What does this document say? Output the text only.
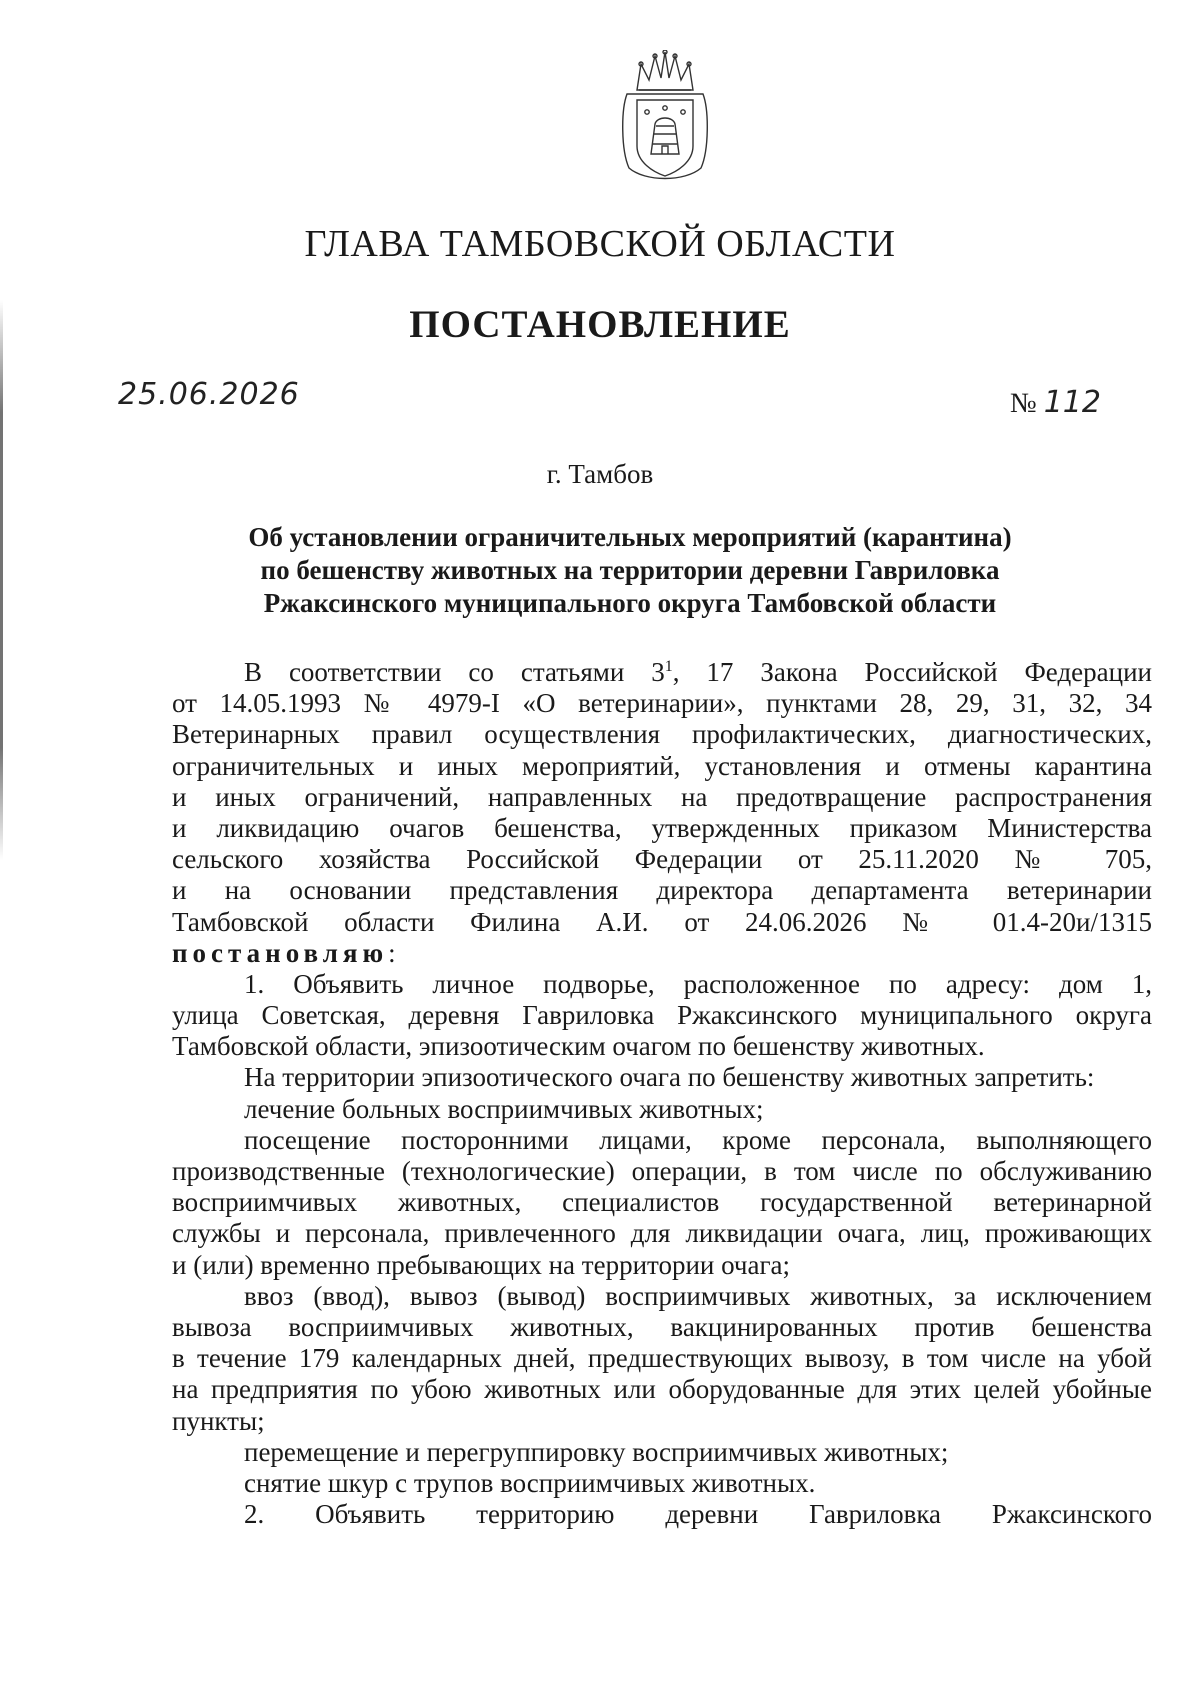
ГЛАВА ТАМБОВСКОЙ ОБЛАСТИ
ПОСТАНОВЛЕНИЕ
25.06.2026	№ 112
г. Тамбов
Об установлении ограничительных мероприятий (карантина)
по бешенству животных на территории деревни Гавриловка
Ржаксинского муниципального округа Тамбовской области
В соответствии со статьями $3^1$, 17 Закона Российской Федерации
от 14.05.1993 № 4979-I «О ветеринарии», пунктами 28, 29, 31, 32, 34
Ветеринарных правил осуществления профилактических, диагностических,
ограничительных и иных мероприятий, установления и отмены карантина
и иных ограничений, направленных на предотвращение распространения
и ликвидацию очагов бешенства, утвержденных приказом Министерства
сельского хозяйства Российской Федерации от 25.11.2020 № 705,
и на основании представления директора департамента ветеринарии
Тамбовской области Филина А.И. от 24.06.2026 № 01.4-20и/1315
постановляю:
1. Объявить личное подворье, расположенное по адресу: дом 1,
улица Советская, деревня Гавриловка Ржаксинского муниципального округа
Тамбовской области, эпизоотическим очагом по бешенству животных.
На территории эпизоотического очага по бешенству животных запретить:
лечение больных восприимчивых животных;
посещение посторонними лицами, кроме персонала, выполняющего
производственные (технологические) операции, в том числе по обслуживанию
восприимчивых животных, специалистов государственной ветеринарной
службы и персонала, привлеченного для ликвидации очага, лиц, проживающих
и (или) временно пребывающих на территории очага;
ввоз (ввод), вывоз (вывод) восприимчивых животных, за исключением
вывоза восприимчивых животных, вакцинированных против бешенства
в течение 179 календарных дней, предшествующих вывозу, в том числе на убой
на предприятия по убою животных или оборудованные для этих целей убойные
пункты;
перемещение и перегруппировку восприимчивых животных;
снятие шкур с трупов восприимчивых животных.
2. Объявить территорию деревни Гавриловка Ржаксинского
